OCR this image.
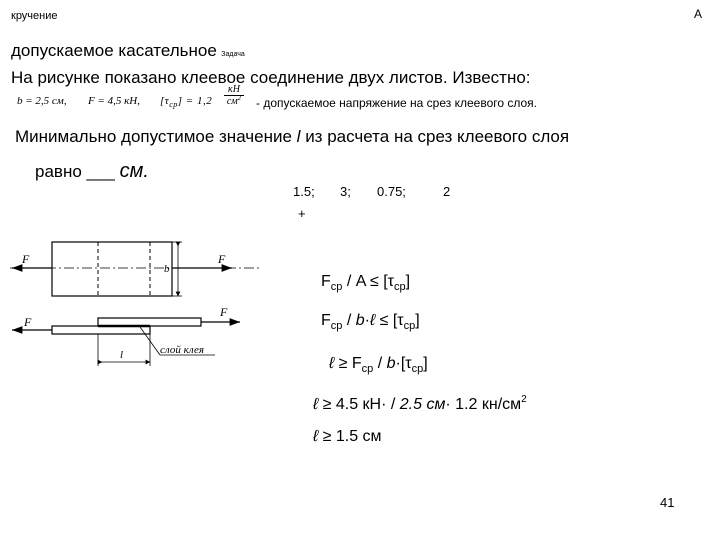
кручение	А
допускаемое касательное Задача
На рисунке показано клеевое соединение двух листов. Известно:
b = 2,5 см, F = 4,5 кН, $[\tau_{ср}] = 1,2$
кН
$см^2$ - допускаемое напряжение на срез клеевого слоя.
Минимально допустимое значение l из расчета на срез клеевого слоя
равно ___ см.
1.5; 3; 0.75;	2
+
F	F
b
F
F
l	слой клея
$F_{ср} / A \le [\tau_{ср}]$
$F_{ср}$ / b·ℓ ≤ $[\tau_{ср}]$
ℓ ≥ $F_{ср} / b\cdot[\tau_{ср}]$
ℓ ≥ 4.5 кН· / 2.5 см· 1.2 $кн/см^2$
ℓ ≥ 1.5 см
41
